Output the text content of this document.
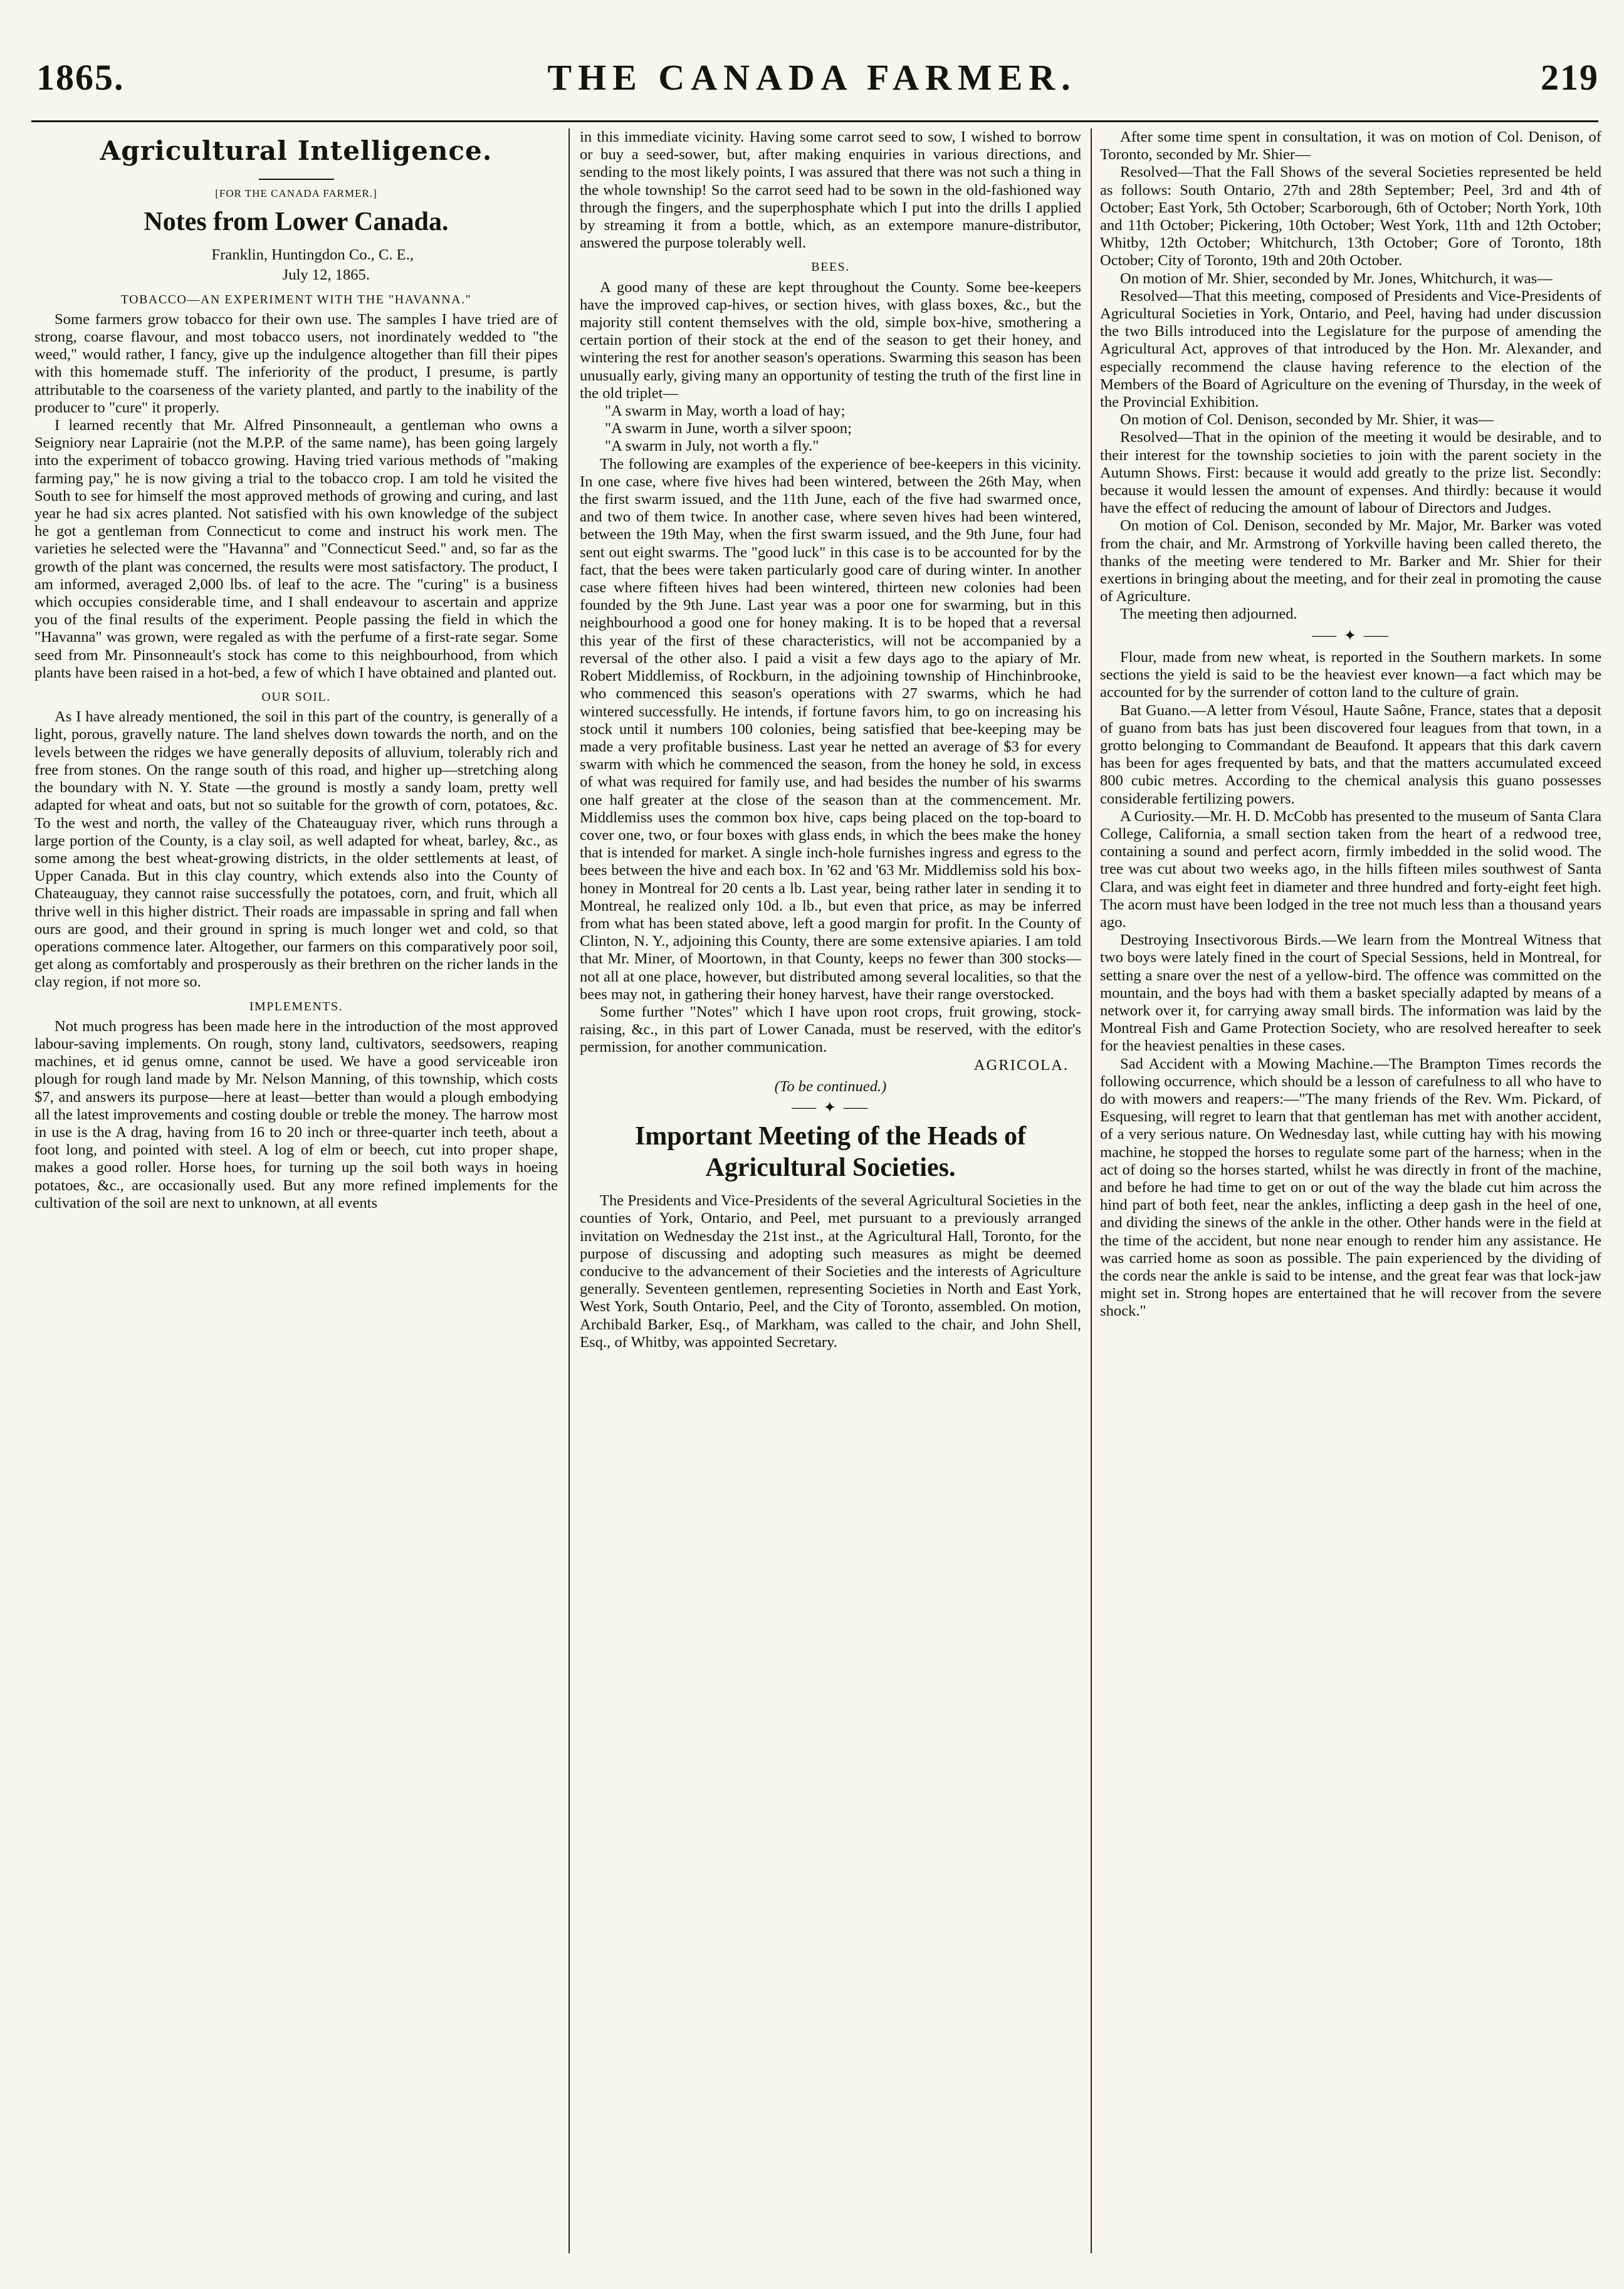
THE CANADA FARMER.
1865.	219
Agricultural Intelligence.
[FOR THE CANADA FARMER.]
Notes from Lower Canada.
Franklin, Huntingdon Co., C. E.,
July 12, 1865.
TOBACCO—AN EXPERIMENT WITH THE "HAVANNA."

Some farmers grow tobacco for their own use. The samples I have tried are of strong, coarse flavour, and most tobacco users, not inordinately wedded to "the weed," would rather, I fancy, give up the indulgence altogether than fill their pipes with this homemade stuff. The inferiority of the product, I presume, is partly attributable to the coarseness of the variety planted, and partly to the inability of the producer to "cure" it properly.

I learned recently that Mr. Alfred Pinsonneault, a gentleman who owns a Seigniory near Laprairie (not the M.P.P. of the same name), has been going largely into the experiment of tobacco growing. Having tried various methods of "making farming pay," he is now giving a trial to the tobacco crop. I am told he visited the South to see for himself the most approved methods of growing and curing, and last year he had six acres planted. Not satisfied with his own knowledge of the subject he got a gentleman from Connecticut to come and instruct his work men. The varieties he selected were the "Havanna" and "Connecticut Seed." and, so far as the growth of the plant was concerned, the results were most satisfactory. The product, I am informed, averaged 2,000 lbs. of leaf to the acre. The "curing" is a business which occupies considerable time, and I shall endeavour to ascertain and apprize you of the final results of the experiment. People passing the field in which the "Havanna" was grown, were regaled as with the perfume of a first-rate segar. Some seed from Mr. Pinsonneault's stock has come to this neighbourhood, from which plants have been raised in a hot-bed, a few of which I have obtained and planted out.

OUR SOIL.

As I have already mentioned, the soil in this part of the country, is generally of a light, porous, gravelly nature. The land shelves down towards the north, and on the levels between the ridges we have generally deposits of alluvium, tolerably rich and free from stones. On the range south of this road, and higher up—stretching along the boundary with N. Y. State —the ground is mostly a sandy loam, pretty well adapted for wheat and oats, but not so suitable for the growth of corn, potatoes, &c. To the west and north, the valley of the Chateauguay river, which runs through a large portion of the County, is a clay soil, as well adapted for wheat, barley, &c., as some among the best wheat-growing districts, in the older settlements at least, of Upper Canada. But in this clay country, which extends also into the County of Chateauguay, they cannot raise successfully the potatoes, corn, and fruit, which all thrive well in this higher district. Their roads are impassable in spring and fall when ours are good, and their ground in spring is much longer wet and cold, so that operations commence later. Altogether, our farmers on this comparatively poor soil, get along as comfortably and prosperously as their brethren on the richer lands in the clay region, if not more so.

IMPLEMENTS.

Not much progress has been made here in the introduction of the most approved labour-saving implements. On rough, stony land, cultivators, seedsowers, reaping machines, et id genus omne, cannot be used. We have a good serviceable iron plough for rough land made by Mr. Nelson Manning, of this township, which costs $7, and answers its purpose—here at least—better than would a plough embodying all the latest improvements and costing double or treble the money. The harrow most in use is the A drag, having from 16 to 20 inch or three-quarter inch teeth, about a foot long, and pointed with steel. A log of elm or beech, cut into proper shape, makes a good roller. Horse hoes, for turning up the soil both ways in hoeing potatoes, &c., are occasionally used. But any more refined implements for the cultivation of the soil are next to unknown, at all events

in this immediate vicinity. Having some carrot seed to sow, I wished to borrow or buy a seed-sower, but, after making enquiries in various directions, and sending to the most likely points, I was assured that there was not such a thing in the whole township! So the carrot seed had to be sown in the old-fashioned way through the fingers, and the superphosphate which I put into the drills I applied by streaming it from a bottle, which, as an extempore manure-distributor, answered the purpose tolerably well.

BEES.

A good many of these are kept throughout the County. Some bee-keepers have the improved cap-hives, or section hives, with glass boxes, &c., but the majority still content themselves with the old, simple box-hive, smothering a certain portion of their stock at the end of the season to get their honey, and wintering the rest for another season's operations. Swarming this season has been unusually early, giving many an opportunity of testing the truth of the first line in the old triplet—

"A swarm in May, worth a load of hay;
"A swarm in June, worth a silver spoon;
"A swarm in July, not worth a fly."

The following are examples of the experience of bee-keepers in this vicinity. In one case, where five hives had been wintered, between the 26th May, when the first swarm issued, and the 11th June, each of the five had swarmed once, and two of them twice. In another case, where seven hives had been wintered, between the 19th May, when the first swarm issued, and the 9th June, four had sent out eight swarms. The "good luck" in this case is to be accounted for by the fact, that the bees were taken particularly good care of during winter. In another case where fifteen hives had been wintered, thirteen new colonies had been founded by the 9th June. Last year was a poor one for swarming, but in this neighbourhood a good one for honey making. It is to be hoped that a reversal this year of the first of these characteristics, will not be accompanied by a reversal of the other also. I paid a visit a few days ago to the apiary of Mr. Robert Middlemiss, of Rockburn, in the adjoining township of Hinchinbrooke, who commenced this season's operations with 27 swarms, which he had wintered successfully. He intends, if fortune favors him, to go on increasing his stock until it numbers 100 colonies, being satisfied that bee-keeping may be made a very profitable business. Last year he netted an average of $3 for every swarm with which he commenced the season, from the honey he sold, in excess of what was required for family use, and had besides the number of his swarms one half greater at the close of the season than at the commencement. Mr. Middlemiss uses the common box hive, caps being placed on the top-board to cover one, two, or four boxes with glass ends, in which the bees make the honey that is intended for market. A single inch-hole furnishes ingress and egress to the bees between the hive and each box. In '62 and '63 Mr. Middlemiss sold his box-honey in Montreal for 20 cents a lb. Last year, being rather later in sending it to Montreal, he realized only 10d. a lb., but even that price, as may be inferred from what has been stated above, left a good margin for profit. In the County of Clinton, N. Y., adjoining this County, there are some extensive apiaries. I am told that Mr. Miner, of Moortown, in that County, keeps no fewer than 300 stocks—not all at one place, however, but distributed among several localities, so that the bees may not, in gathering their honey harvest, have their range overstocked.

Some further "Notes" which I have upon root crops, fruit growing, stock-raising, &c., in this part of Lower Canada, must be reserved, with the editor's permission, for another communication.

AGRICOLA.
(To be continued.)
⸺ ✦ ⸺
Important Meeting of the Heads of Agricultural Societies.

The Presidents and Vice-Presidents of the several Agricultural Societies in the counties of York, Ontario, and Peel, met pursuant to a previously arranged invitation on Wednesday the 21st inst., at the Agricultural Hall, Toronto, for the purpose of discussing and adopting such measures as might be deemed conducive to the advancement of their Societies and the interests of Agriculture generally. Seventeen gentlemen, representing Societies in North and East York, West York, South Ontario, Peel, and the City of Toronto, assembled. On motion, Archibald Barker, Esq., of Markham, was called to the chair, and John Shell, Esq., of Whitby, was appointed Secretary.

After some time spent in consultation, it was on motion of Col. Denison, of Toronto, seconded by Mr. Shier—

Resolved—That the Fall Shows of the several Societies represented be held as follows: South Ontario, 27th and 28th September; Peel, 3rd and 4th of October; East York, 5th October; Scarborough, 6th of October; North York, 10th and 11th October; Pickering, 10th October; West York, 11th and 12th October; Whitby, 12th October; Whitchurch, 13th October; Gore of Toronto, 18th October; City of Toronto, 19th and 20th October.

On motion of Mr. Shier, seconded by Mr. Jones, Whitchurch, it was—

Resolved—That this meeting, composed of Presidents and Vice-Presidents of Agricultural Societies in York, Ontario, and Peel, having had under discussion the two Bills introduced into the Legislature for the purpose of amending the Agricultural Act, approves of that introduced by the Hon. Mr. Alexander, and especially recommend the clause having reference to the election of the Members of the Board of Agriculture on the evening of Thursday, in the week of the Provincial Exhibition.

On motion of Col. Denison, seconded by Mr. Shier, it was—

Resolved—That in the opinion of the meeting it would be desirable, and to their interest for the township societies to join with the parent society in the Autumn Shows. First: because it would add greatly to the prize list. Secondly: because it would lessen the amount of expenses. And thirdly: because it would have the effect of reducing the amount of labour of Directors and Judges.

On motion of Col. Denison, seconded by Mr. Major, Mr. Barker was voted from the chair, and Mr. Armstrong of Yorkville having been called thereto, the thanks of the meeting were tendered to Mr. Barker and Mr. Shier for their exertions in bringing about the meeting, and for their zeal in promoting the cause of Agriculture.

The meeting then adjourned.

⸺ ✦ ⸺

Flour, made from new wheat, is reported in the Southern markets. In some sections the yield is said to be the heaviest ever known—a fact which may be accounted for by the surrender of cotton land to the culture of grain.

Bat Guano.—A letter from Vésoul, Haute Saône, France, states that a deposit of guano from bats has just been discovered four leagues from that town, in a grotto belonging to Commandant de Beaufond. It appears that this dark cavern has been for ages frequented by bats, and that the matters accumulated exceed 800 cubic metres. According to the chemical analysis this guano possesses considerable fertilizing powers.

A Curiosity.—Mr. H. D. McCobb has presented to the museum of Santa Clara College, California, a small section taken from the heart of a redwood tree, containing a sound and perfect acorn, firmly imbedded in the solid wood. The tree was cut about two weeks ago, in the hills fifteen miles southwest of Santa Clara, and was eight feet in diameter and three hundred and forty-eight feet high. The acorn must have been lodged in the tree not much less than a thousand years ago.

Destroying Insectivorous Birds.—We learn from the Montreal Witness that two boys were lately fined in the court of Special Sessions, held in Montreal, for setting a snare over the nest of a yellow-bird. The offence was committed on the mountain, and the boys had with them a basket specially adapted by means of a network over it, for carrying away small birds. The information was laid by the Montreal Fish and Game Protection Society, who are resolved hereafter to seek for the heaviest penalties in these cases.

Sad Accident with a Mowing Machine.—The Brampton Times records the following occurrence, which should be a lesson of carefulness to all who have to do with mowers and reapers:—"The many friends of the Rev. Wm. Pickard, of Esquesing, will regret to learn that that gentleman has met with another accident, of a very serious nature. On Wednesday last, while cutting hay with his mowing machine, he stopped the horses to regulate some part of the harness; when in the act of doing so the horses started, whilst he was directly in front of the machine, and before he had time to get on or out of the way the blade cut him across the hind part of both feet, near the ankles, inflicting a deep gash in the heel of one, and dividing the sinews of the ankle in the other. Other hands were in the field at the time of the accident, but none near enough to render him any assistance. He was carried home as soon as possible. The pain experienced by the dividing of the cords near the ankle is said to be intense, and the great fear was that lock-jaw might set in. Strong hopes are entertained that he will recover from the severe shock."
